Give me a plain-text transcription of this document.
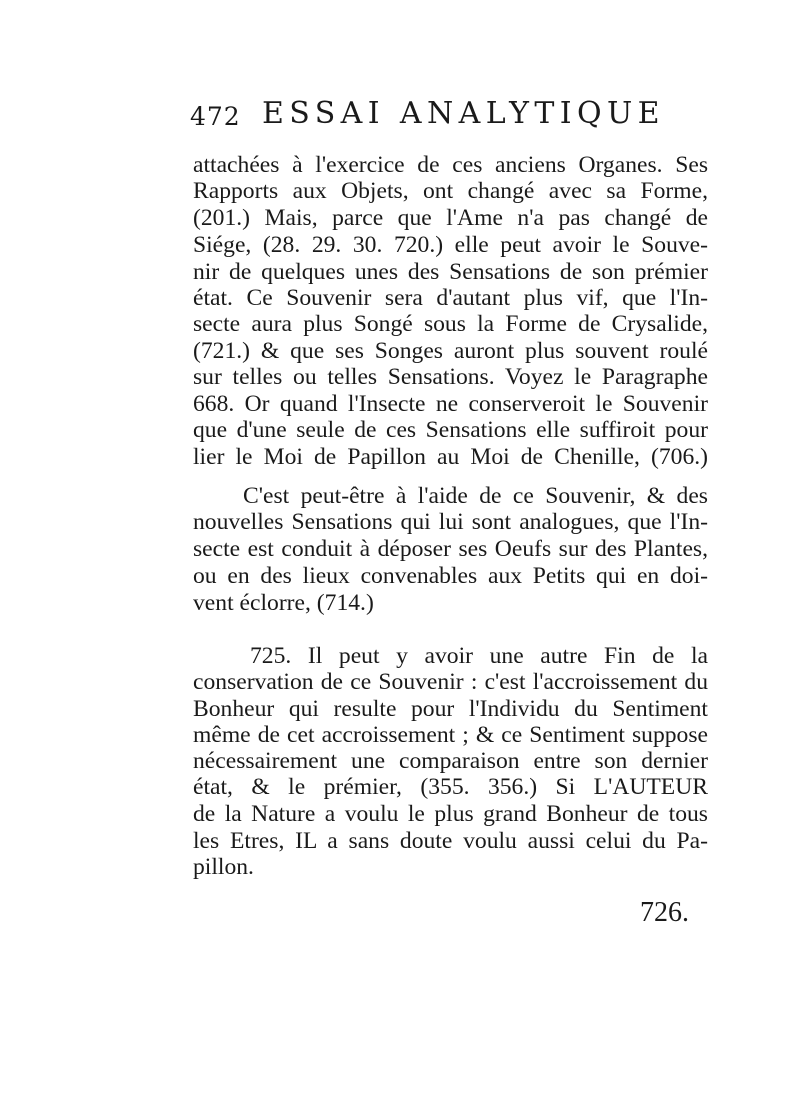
472 ESSAI ANALYTIQUE
attachées à l'exercice de ces anciens Organes. Ses
Rapports aux Objets, ont changé avec sa Forme,
(201.) Mais, parce que l'Ame n'a pas changé de
Siége, (28. 29. 30. 720.) elle peut avoir le Souve-
nir de quelques unes des Sensations de son prémier
état. Ce Souvenir sera d'autant plus vif, que l'In-
secte aura plus Songé sous la Forme de Crysalide,
(721.) & que ses Songes auront plus souvent roulé
sur telles ou telles Sensations. Voyez le Paragraphe
668. Or quand l'Insecte ne conserveroit le Souvenir
que d'une seule de ces Sensations elle suffiroit pour
lier le Moi de Papillon au Moi de Chenille, (706.)
C'est peut-être à l'aide de ce Souvenir, & des
nouvelles Sensations qui lui sont analogues, que l'In-
secte est conduit à déposer ses Oeufs sur des Plantes,
ou en des lieux convenables aux Petits qui en doi-
vent éclorre, (714.)
725. Il peut y avoir une autre Fin de la
conservation de ce Souvenir : c'est l'accroissement du
Bonheur qui resulte pour l'Individu du Sentiment
même de cet accroissement ; & ce Sentiment suppose
nécessairement une comparaison entre son dernier
état, & le prémier, (355. 356.) Si L'AUTEUR
de la Nature a voulu le plus grand Bonheur de tous
les Etres, IL a sans doute voulu aussi celui du Pa-
pillon.
726.
